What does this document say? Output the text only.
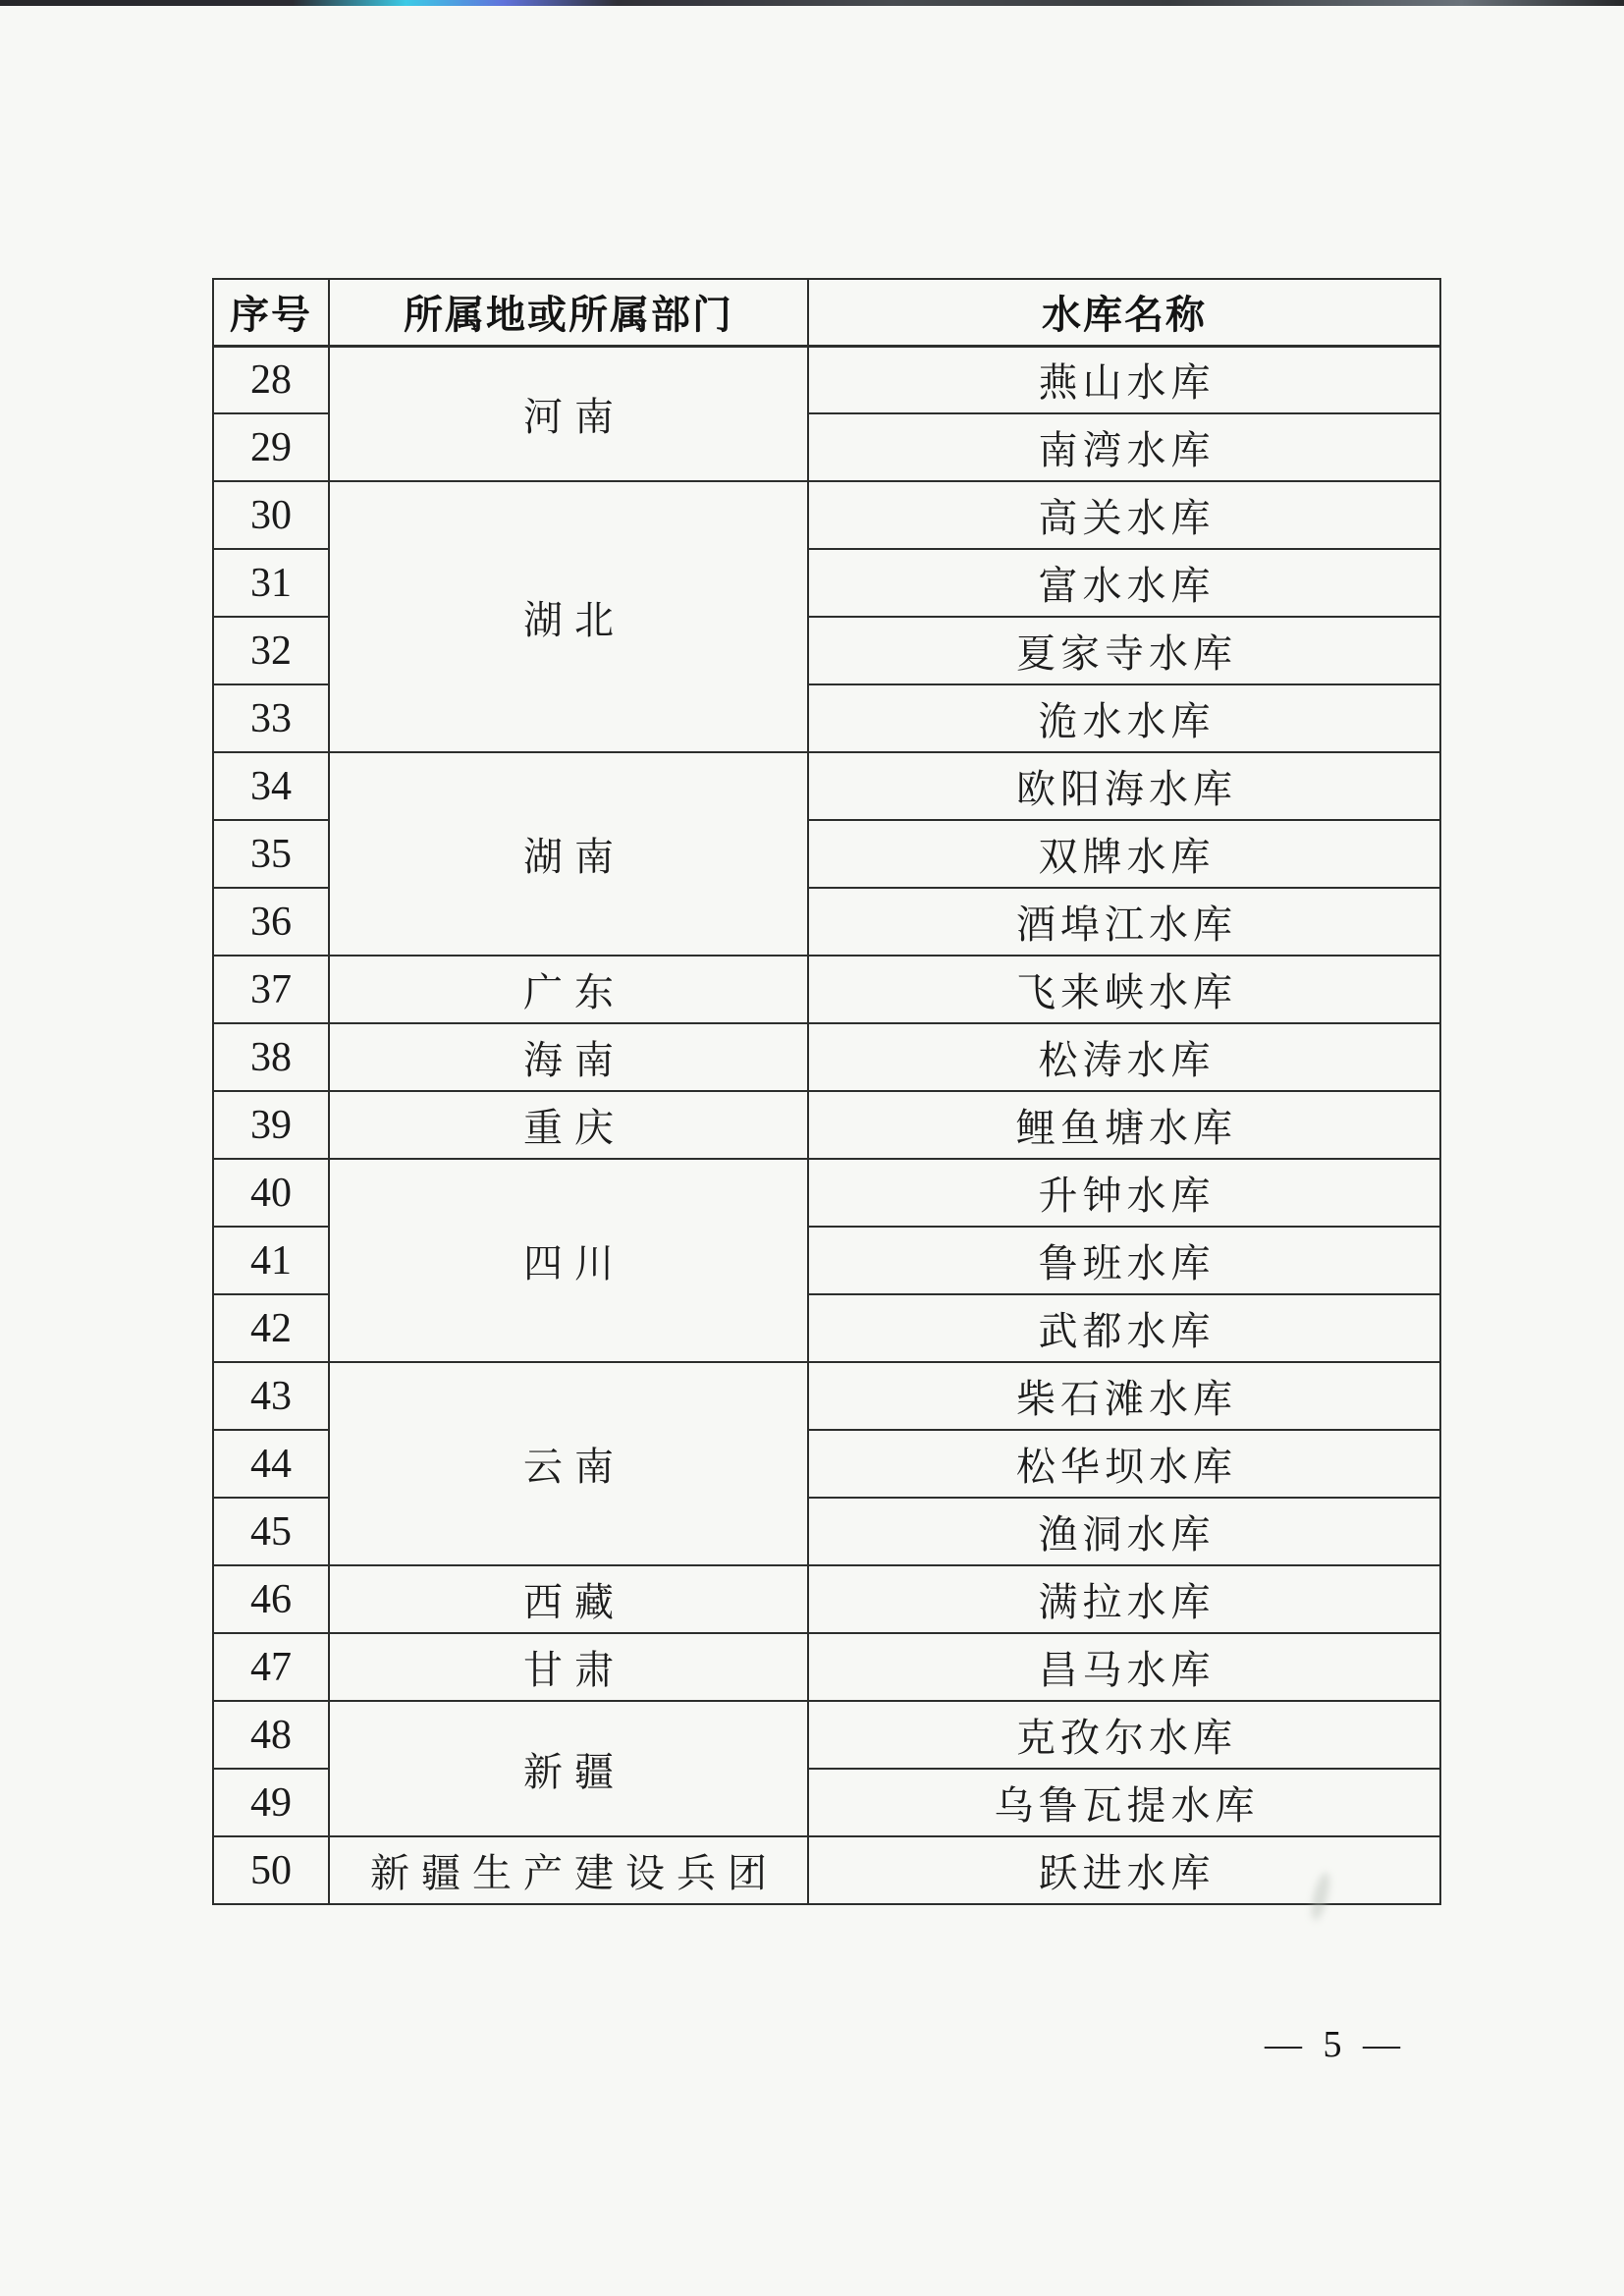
序号	所属地或所属部门	水库名称
28	河南	燕山水库
29		南湾水库
30	湖北	高关水库
31		富水水库
32		夏家寺水库
33		洈水水库
34	湖南	欧阳海水库
35		双牌水库
36		酒埠江水库
37	广东	飞来峡水库
38	海南	松涛水库
39	重庆	鲤鱼塘水库
40	四川	升钟水库
41		鲁班水库
42		武都水库
43	云南	柴石滩水库
44		松华坝水库
45		渔洞水库
46	西藏	满拉水库
47	甘肃	昌马水库
48	新疆	克孜尔水库
49		乌鲁瓦提水库
50	新疆生产建设兵团	跃进水库
— 5 —
